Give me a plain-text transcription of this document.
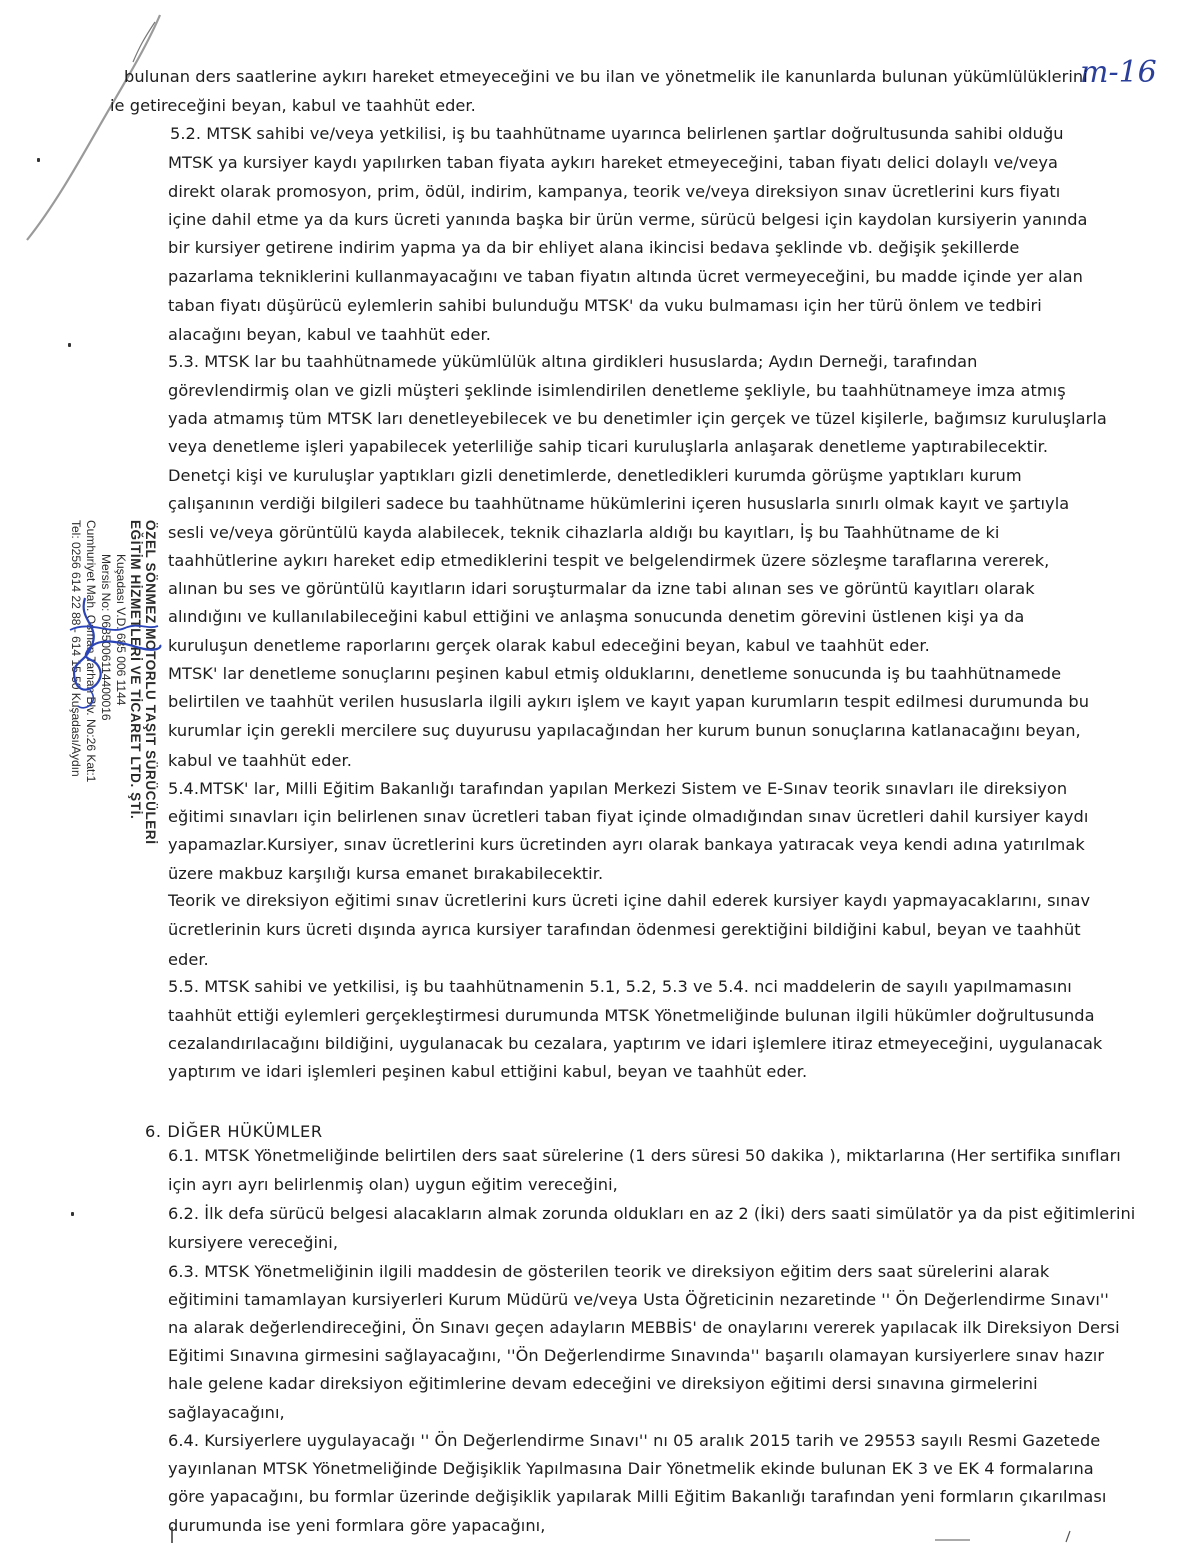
m-16
ÖZEL SÖNMEZ MOTORLU TAŞIT SÜRÜCÜLERİ
EĞİTİM HİZMETLERİ VE TİCARET LTD. ŞTİ.
Kuşadası V.D. 685 006 1144
Mersis No: 0685006114400016
Cumhuriyet Mah. Osman Tarhan Blv. No:26 Kat:1
Tel: 0256 614 22 88 - 614 15 50 Kuşadası/Aydın
bulunan ders saatlerine aykırı hareket etmeyeceğini ve bu ilan ve yönetmelik ile kanunlarda bulunan yükümlülüklerini
ie getireceğini beyan, kabul ve taahhüt eder.
5.2. MTSK sahibi ve/veya yetkilisi, iş bu taahhütname uyarınca belirlenen şartlar doğrultusunda sahibi olduğu
MTSK ya kursiyer kaydı yapılırken taban fiyata aykırı hareket etmeyeceğini, taban fiyatı delici dolaylı ve/veya
direkt olarak promosyon, prim, ödül, indirim, kampanya, teorik ve/veya direksiyon sınav ücretlerini kurs fiyatı
içine dahil etme ya da kurs ücreti yanında başka bir ürün verme, sürücü belgesi için kaydolan kursiyerin yanında
bir kursiyer getirene indirim yapma ya da bir ehliyet alana ikincisi bedava şeklinde vb. değişik şekillerde
pazarlama tekniklerini kullanmayacağını ve taban fiyatın altında ücret vermeyeceğini, bu madde içinde yer alan
taban fiyatı düşürücü eylemlerin sahibi bulunduğu MTSK' da vuku bulmaması için her türü önlem ve tedbiri
alacağını beyan, kabul ve taahhüt eder.
5.3. MTSK lar bu taahhütnamede yükümlülük altına girdikleri hususlarda; Aydın Derneği, tarafından
görevlendirmiş olan ve gizli müşteri şeklinde isimlendirilen denetleme şekliyle, bu taahhütnameye imza atmış
yada atmamış tüm MTSK ları denetleyebilecek ve bu denetimler için gerçek ve tüzel kişilerle, bağımsız kuruluşlarla
veya denetleme işleri yapabilecek yeterliliğe sahip ticari kuruluşlarla anlaşarak denetleme yaptırabilecektir.
Denetçi kişi ve kuruluşlar yaptıkları gizli denetimlerde, denetledikleri kurumda görüşme yaptıkları kurum
çalışanının verdiği bilgileri sadece bu taahhütname hükümlerini içeren hususlarla sınırlı olmak kayıt ve şartıyla
sesli ve/veya görüntülü kayda alabilecek, teknik cihazlarla aldığı bu kayıtları, İş bu Taahhütname de ki
taahhütlerine aykırı hareket edip etmediklerini tespit ve belgelendirmek üzere sözleşme taraflarına vererek,
alınan bu ses ve görüntülü kayıtların idari soruşturmalar da izne tabi alınan ses ve görüntü kayıtları olarak
alındığını ve kullanılabileceğini kabul ettiğini ve anlaşma sonucunda denetim görevini üstlenen kişi ya da
kuruluşun denetleme raporlarını gerçek olarak kabul edeceğini beyan, kabul ve taahhüt eder.
MTSK' lar denetleme sonuçlarını peşinen kabul etmiş olduklarını, denetleme sonucunda iş bu taahhütnamede
belirtilen ve taahhüt verilen hususlarla ilgili aykırı işlem ve kayıt yapan kurumların tespit edilmesi durumunda bu
kurumlar için gerekli mercilere suç duyurusu yapılacağından her kurum bunun sonuçlarına katlanacağını beyan,
kabul ve taahhüt eder.
5.4.MTSK' lar, Milli Eğitim Bakanlığı tarafından yapılan Merkezi Sistem ve E-Sınav teorik sınavları ile direksiyon
eğitimi sınavları için belirlenen sınav ücretleri taban fiyat içinde olmadığından sınav ücretleri dahil kursiyer kaydı
yapamazlar.Kursiyer, sınav ücretlerini kurs ücretinden ayrı olarak bankaya yatıracak veya kendi adına yatırılmak
üzere makbuz karşılığı kursa emanet bırakabilecektir.
Teorik ve direksiyon eğitimi sınav ücretlerini kurs ücreti içine dahil ederek kursiyer kaydı yapmayacaklarını, sınav
ücretlerinin kurs ücreti dışında ayrıca kursiyer tarafından ödenmesi gerektiğini bildiğini kabul, beyan ve taahhüt
eder.
5.5. MTSK sahibi ve yetkilisi, iş bu taahhütnamenin 5.1, 5.2, 5.3 ve 5.4. nci maddelerin de sayılı yapılmamasını
taahhüt ettiği eylemleri gerçekleştirmesi durumunda MTSK Yönetmeliğinde bulunan ilgili hükümler doğrultusunda
cezalandırılacağını bildiğini, uygulanacak bu cezalara, yaptırım ve idari işlemlere itiraz etmeyeceğini, uygulanacak
yaptırım ve idari işlemleri peşinen kabul ettiğini kabul, beyan ve taahhüt eder.
6. DİĞER HÜKÜMLER
6.1. MTSK Yönetmeliğinde belirtilen ders saat sürelerine (1 ders süresi 50 dakika ), miktarlarına (Her sertifika sınıfları
için ayrı ayrı belirlenmiş olan) uygun eğitim vereceğini,
6.2. İlk defa sürücü belgesi alacakların almak zorunda oldukları en az 2 (İki) ders saati simülatör ya da pist eğitimlerini
kursiyere vereceğini,
6.3. MTSK Yönetmeliğinin ilgili maddesin de gösterilen teorik ve direksiyon eğitim ders saat sürelerini alarak
eğitimini tamamlayan kursiyerleri Kurum Müdürü ve/veya Usta Öğreticinin nezaretinde '' Ön Değerlendirme Sınavı''
na alarak değerlendireceğini, Ön Sınavı geçen adayların MEBBİS' de onaylarını vererek yapılacak ilk Direksiyon Dersi
Eğitimi Sınavına girmesini sağlayacağını, ''Ön Değerlendirme Sınavında'' başarılı olamayan kursiyerlere sınav hazır
hale gelene kadar direksiyon eğitimlerine devam edeceğini ve direksiyon eğitimi dersi sınavına girmelerini
sağlayacağını,
6.4. Kursiyerlere uygulayacağı '' Ön Değerlendirme Sınavı'' nı 05 aralık 2015 tarih ve 29553 sayılı Resmi Gazetede
yayınlanan MTSK Yönetmeliğinde Değişiklik Yapılmasına Dair Yönetmelik ekinde bulunan EK 3 ve EK 4 formalarına
göre yapacağını, bu formlar üzerinde değişiklik yapılarak Milli Eğitim Bakanlığı tarafından yeni formların çıkarılması
durumunda ise yeni formlara göre yapacağını,
